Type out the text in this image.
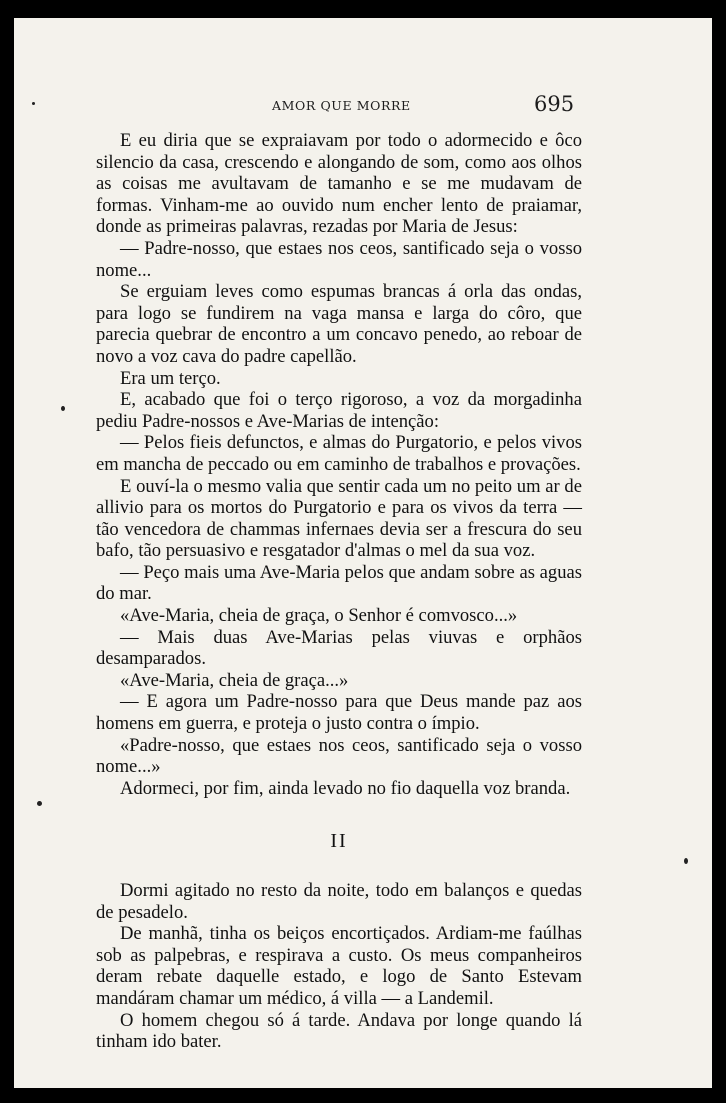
AMOR QUE MORRE	695

E eu diria que se expraiavam por todo o adormecido e ôco silencio da casa, crescendo e alongando de som, como aos olhos as coisas me avultavam de tamanho e se me mudavam de formas. Vinham-me ao ouvido num encher lento de praiamar, donde as primeiras palavras, rezadas por Maria de Jesus:

— Padre-nosso, que estaes nos ceos, santificado seja o vosso nome...

Se erguiam leves como espumas brancas á orla das ondas, para logo se fundirem na vaga mansa e larga do côro, que parecia quebrar de encontro a um concavo penedo, ao reboar de novo a voz cava do padre capellão.

Era um terço.

E, acabado que foi o terço rigoroso, a voz da morgadinha pediu Padre-nossos e Ave-Marias de intenção:

— Pelos fieis defunctos, e almas do Purgatorio, e pelos vivos em mancha de peccado ou em caminho de trabalhos e provações.

E ouví-la o mesmo valia que sentir cada um no peito um ar de allivio para os mortos do Purgatorio e para os vivos da terra — tão vencedora de chammas infernaes devia ser a frescura do seu bafo, tão persuasivo e resgatador d'almas o mel da sua voz.

— Peço mais uma Ave-Maria pelos que andam sobre as aguas do mar.

«Ave-Maria, cheia de graça, o Senhor é comvosco...»

— Mais duas Ave-Marias pelas viuvas e orphãos desamparados.

«Ave-Maria, cheia de graça...»

— E agora um Padre-nosso para que Deus mande paz aos homens em guerra, e proteja o justo contra o ímpio.

«Padre-nosso, que estaes nos ceos, santificado seja o vosso nome...»

Adormeci, por fim, ainda levado no fio daquella voz branda.

II

Dormi agitado no resto da noite, todo em balanços e quedas de pesadelo.

De manhã, tinha os beiços encortiçados. Ardiam-me faúlhas sob as palpebras, e respirava a custo. Os meus companheiros deram rebate daquelle estado, e logo de Santo Estevam mandáram chamar um médico, á villa — a Landemil.

O homem chegou só á tarde. Andava por longe quando lá tinham ido bater.
